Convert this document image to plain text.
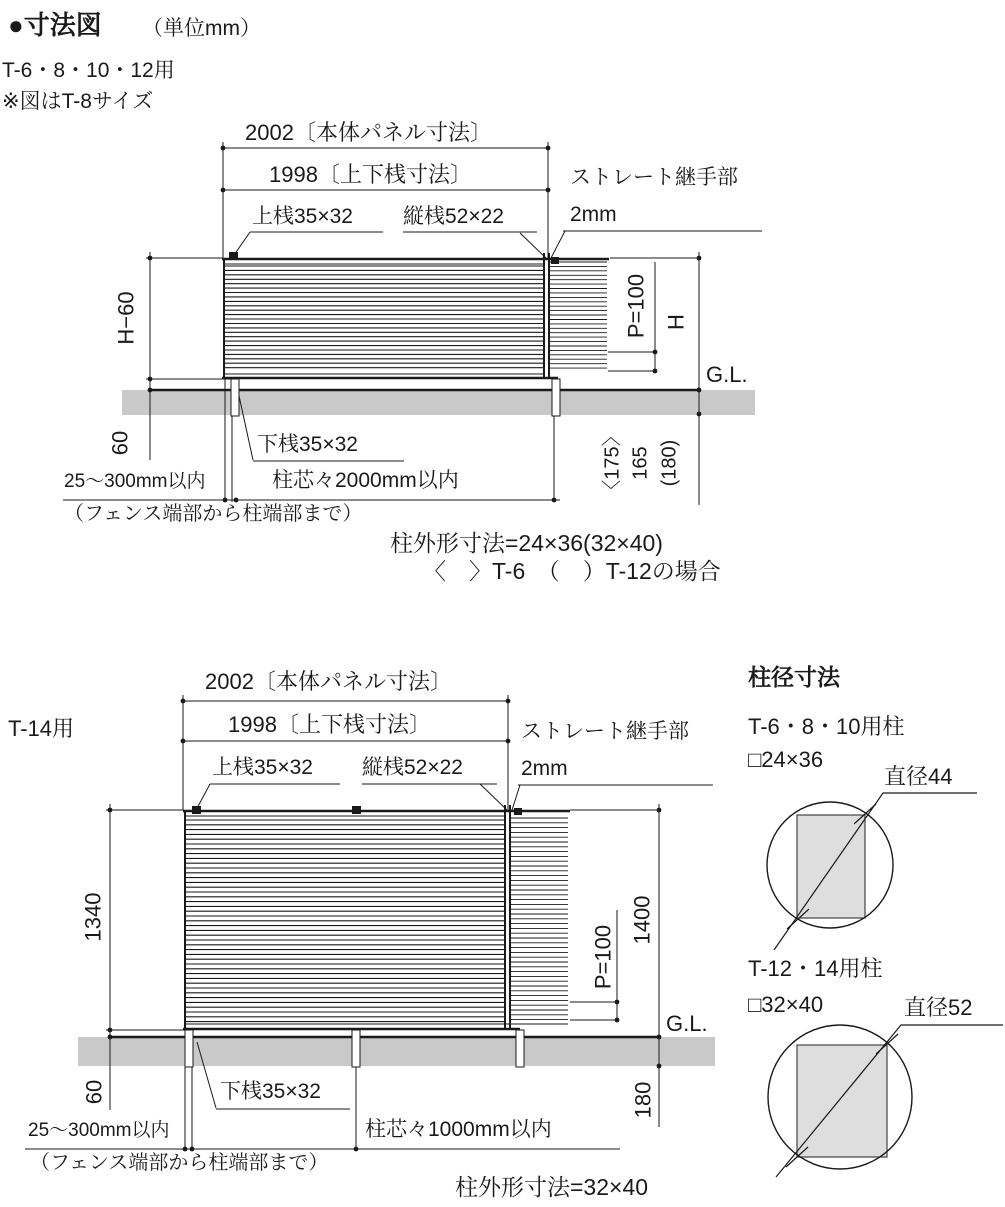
●寸法図 （単位mm）
T-6・8・10・12用
※図はT-8サイズ
2002〔本体パネル寸法〕
1998〔上下桟寸法〕
上桟35×32 縦桟52×22
ストレート継手部
2mm
H−60	P=100 H
G.L.
下桟35×32
60	〈175〉 165 (180)
25〜300mm以内	柱芯々2000mm以内
（フェンス端部から柱端部まで）
柱外形寸法=24×36(32×40)
〈　〉T-6　（　）T-12の場合
T-14用
2002〔本体パネル寸法〕
1998〔上下桟寸法〕
上桟35×32 縦桟52×22
ストレート継手部
2mm
1340
P=100
1400
G.L.
下桟35×32
60	180
25〜300mm以内	柱芯々1000mm以内
（フェンス端部から柱端部まで）
柱外形寸法=32×40
柱径寸法
T-6・8・10用柱
□24×36
直径44
T-12・14用柱
□32×40	直径52
